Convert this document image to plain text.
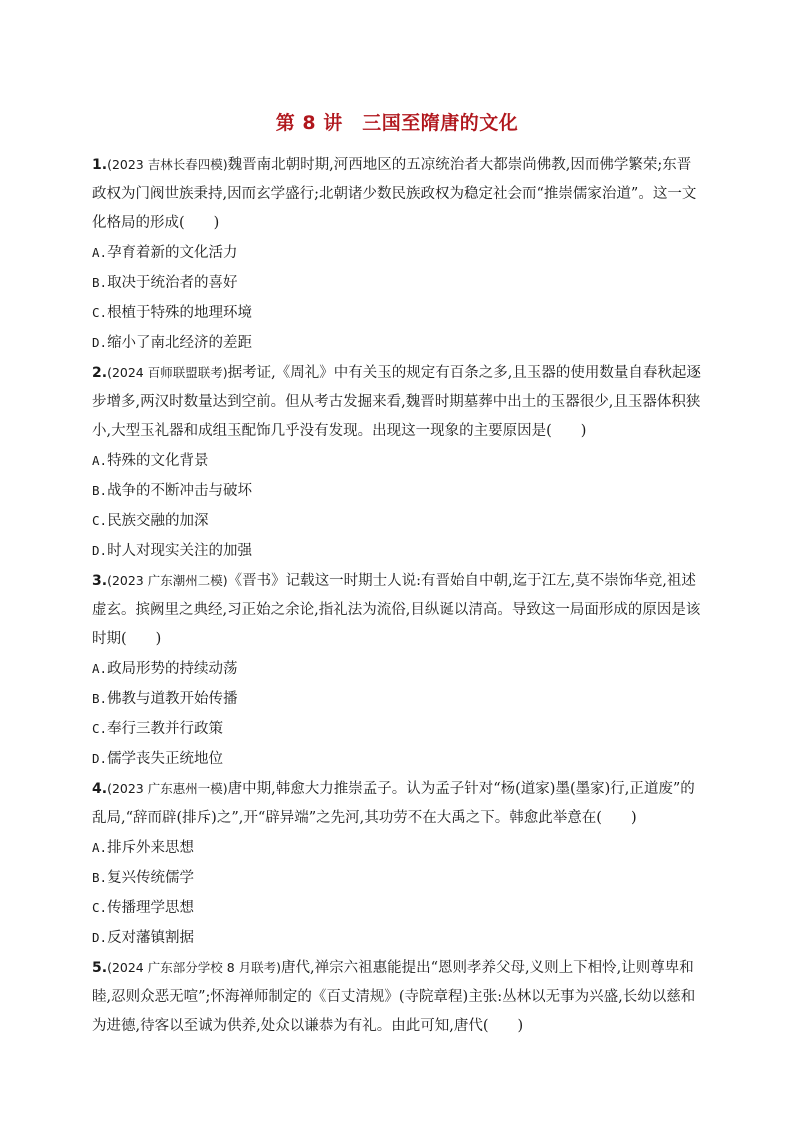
第 8 讲　三国至隋唐的文化

1.(2023 吉林长春四模)魏晋南北朝时期,河西地区的五凉统治者大都崇尚佛教,因而佛学繁荣;东晋政权为门阀世族秉持,因而玄学盛行;北朝诸少数民族政权为稳定社会而“推崇儒家治道”。这一文化格局的形成(　　)

A.孕育着新的文化活力
B.取决于统治者的喜好
C.根植于特殊的地理环境
D.缩小了南北经济的差距

2.(2024 百师联盟联考)据考证,《周礼》中有关玉的规定有百条之多,且玉器的使用数量自春秋起逐步增多,两汉时数量达到空前。但从考古发掘来看,魏晋时期墓葬中出土的玉器很少,且玉器体积狭小,大型玉礼器和成组玉配饰几乎没有发现。出现这一现象的主要原因是(　　)

A.特殊的文化背景
B.战争的不断冲击与破坏
C.民族交融的加深
D.时人对现实关注的加强

3.(2023 广东潮州二模)《晋书》记载这一时期士人说:有晋始自中朝,迄于江左,莫不崇饰华竞,祖述虚玄。摈阙里之典经,习正始之余论,指礼法为流俗,目纵诞以清高。导致这一局面形成的原因是该时期(　　)

A.政局形势的持续动荡
B.佛教与道教开始传播
C.奉行三教并行政策
D.儒学丧失正统地位

4.(2023 广东惠州一模)唐中期,韩愈大力推崇孟子。认为孟子针对“杨(道家)墨(墨家)行,正道废”的乱局,“辞而辟(排斥)之”,开“辟异端”之先河,其功劳不在大禹之下。韩愈此举意在(　　)

A.排斥外来思想
B.复兴传统儒学
C.传播理学思想
D.反对藩镇割据

5.(2024 广东部分学校 8 月联考)唐代,禅宗六祖惠能提出“恩则孝养父母,义则上下相怜,让则尊卑和睦,忍则众恶无喧”;怀海禅师制定的《百丈清规》(寺院章程)主张:丛林以无事为兴盛,长幼以慈和为进德,待客以至诚为供养,处众以谦恭为有礼。由此可知,唐代(　　)
